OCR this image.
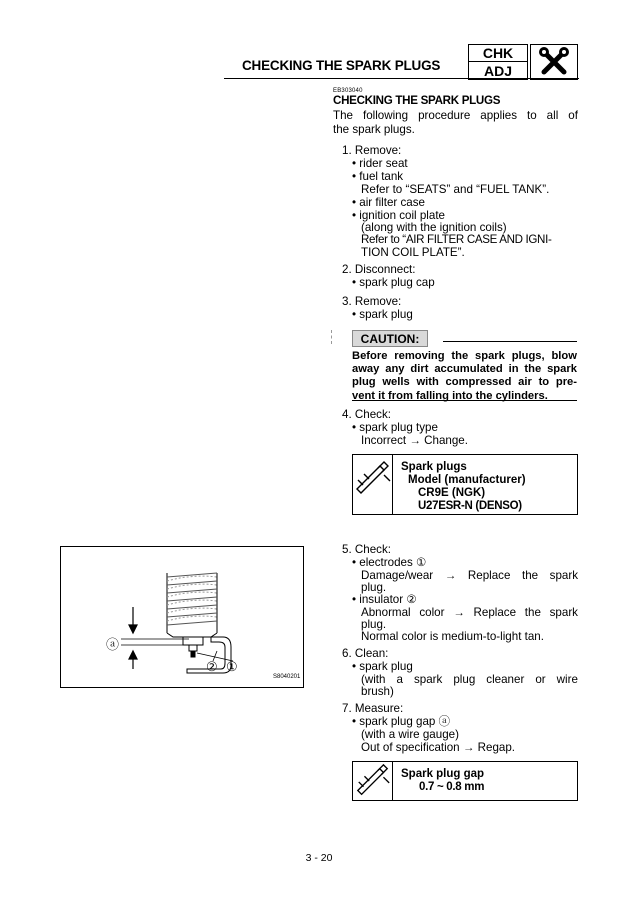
CHECKING THE SPARK PLUGS
CHK
ADJ
EB303040
CHECKING THE SPARK PLUGS
The following procedure applies to all of
the spark plugs.
1. Remove:
• rider seat
• fuel tank
Refer to “SEATS” and “FUEL TANK”.
• air filter case
• ignition coil plate
(along with the ignition coils)
Refer to “AIR FILTER CASE AND IGNI-
TION COIL PLATE”.
2. Disconnect:
• spark plug cap
3. Remove:
• spark plug
CAUTION:
Before removing the spark plugs, blow
away any dirt accumulated in the spark
plug wells with compressed air to pre-
vent it from falling into the cylinders.
4. Check:
• spark plug type
Incorrect → Change.
Spark plugs
Model (manufacturer)
CR9E (NGK)
U27ESR-N (DENSO)
ⓐ
② ①
S8040201
5. Check:
• electrodes ①
Damage/wear → Replace the spark
plug.
• insulator ②
Abnormal color → Replace the spark
plug.
Normal color is medium-to-light tan.
6. Clean:
• spark plug
(with a spark plug cleaner or wire
brush)
7. Measure:
• spark plug gap ⓐ
(with a wire gauge)
Out of specification → Regap.
Spark plug gap
0.7 ~ 0.8 mm
3 - 20
